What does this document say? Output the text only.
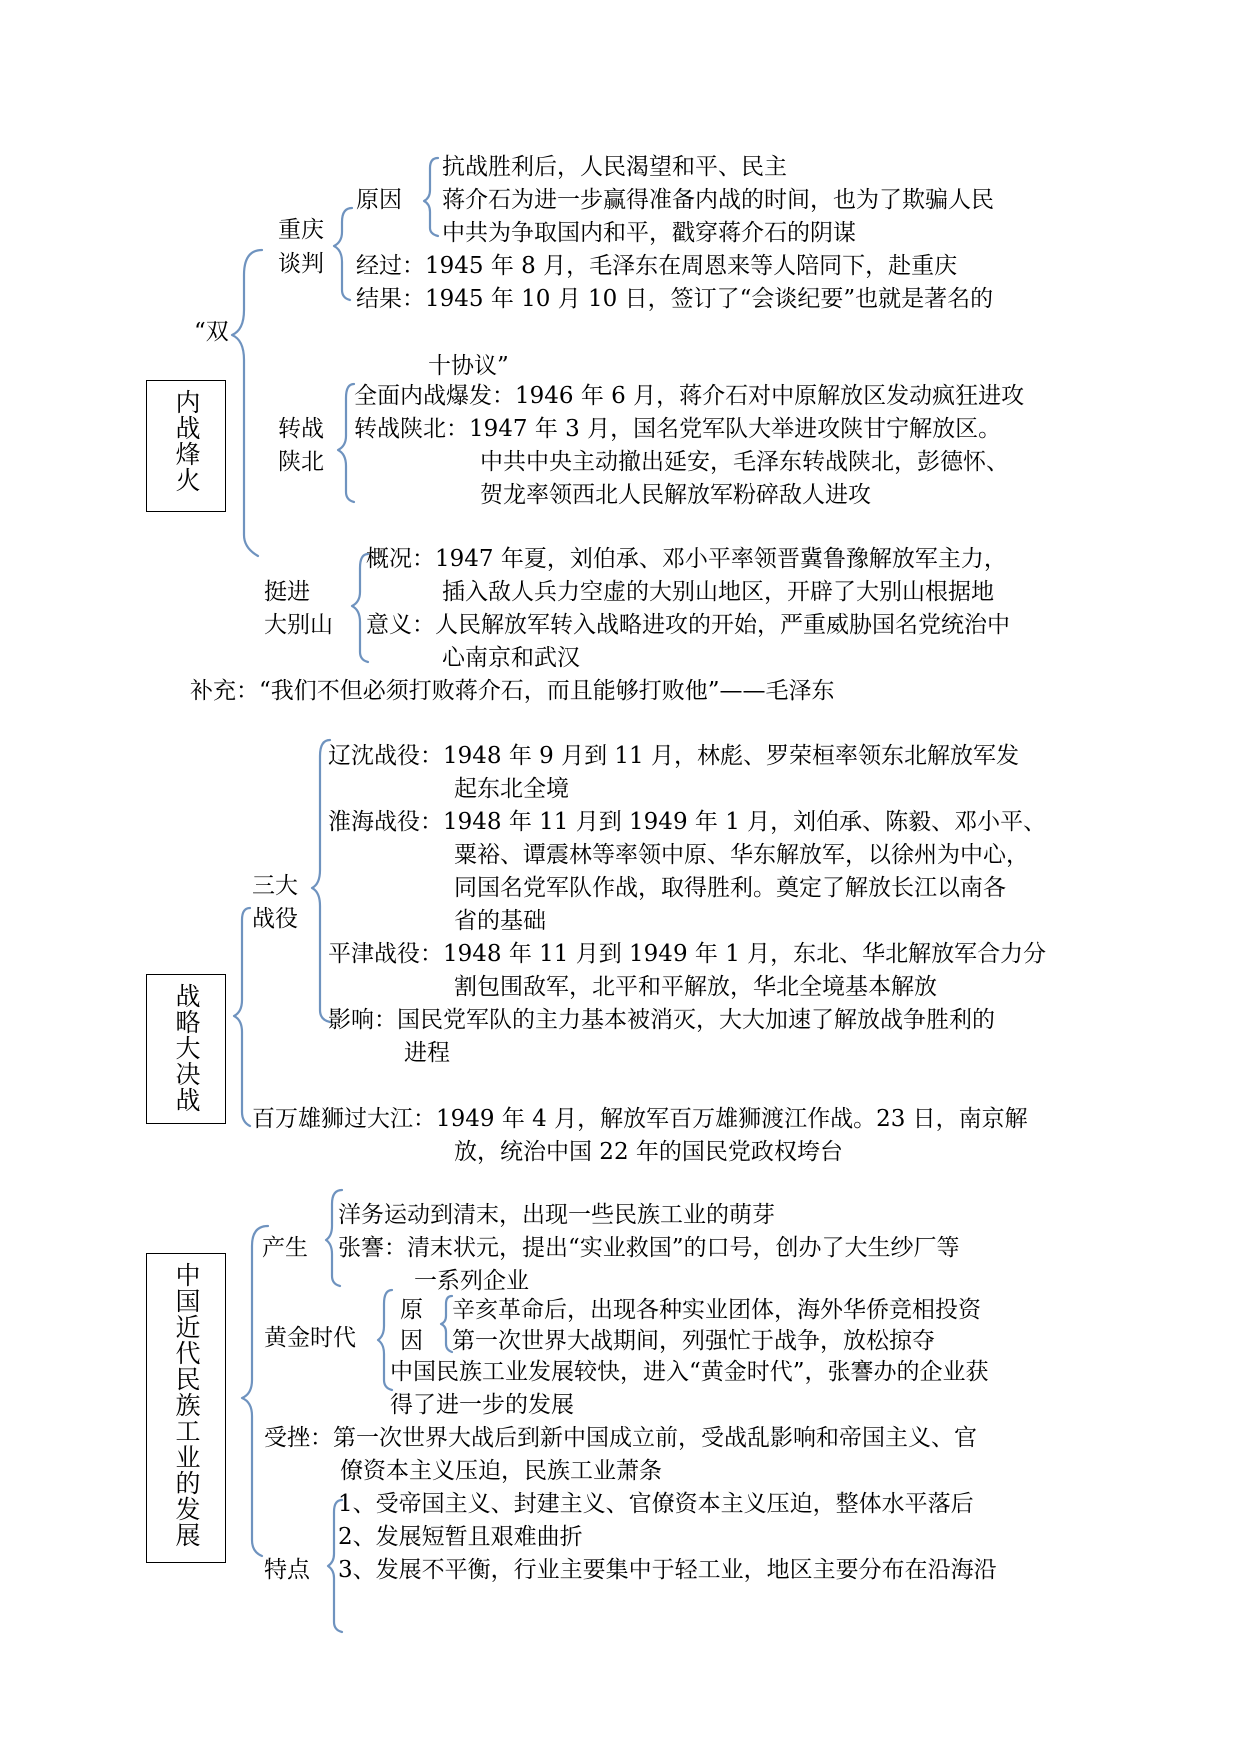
内战烽火
“双
重庆
谈判
原因
抗战胜利后，人民渴望和平、民主
蒋介石为进一步赢得准备内战的时间，也为了欺骗人民
中共为争取国内和平，戳穿蒋介石的阴谋
经过：1945 年 8 月，毛泽东在周恩来等人陪同下，赴重庆
结果：1945 年 10 月 10 日，签订了“会谈纪要”也就是著名的
十协议”
转战
陕北
全面内战爆发：1946 年 6 月，蒋介石对中原解放区发动疯狂进攻
转战陕北：1947 年 3 月，国名党军队大举进攻陕甘宁解放区。
中共中央主动撤出延安，毛泽东转战陕北，彭德怀、
贺龙率领西北人民解放军粉碎敌人进攻
挺进
大别山
概况：1947 年夏，刘伯承、邓小平率领晋冀鲁豫解放军主力，
插入敌人兵力空虚的大别山地区，开辟了大别山根据地
意义：人民解放军转入战略进攻的开始，严重威胁国名党统治中
心南京和武汉
补充：“我们不但必须打败蒋介石，而且能够打败他”——毛泽东
战略大决战
三大
战役
辽沈战役：1948 年 9 月到 11 月，林彪、罗荣桓率领东北解放军发
起东北全境
淮海战役：1948 年 11 月到 1949 年 1 月，刘伯承、陈毅、邓小平、
粟裕、谭震林等率领中原、华东解放军，以徐州为中心，
同国名党军队作战，取得胜利。奠定了解放长江以南各
省的基础
平津战役：1948 年 11 月到 1949 年 1 月，东北、华北解放军合力分
割包围敌军，北平和平解放，华北全境基本解放
影响：国民党军队的主力基本被消灭，大大加速了解放战争胜利的
进程
百万雄狮过大江：1949 年 4 月，解放军百万雄狮渡江作战。23 日，南京解
放，统治中国 22 年的国民党政权垮台
中国近代民族工业的发展
产生
洋务运动到清末，出现一些民族工业的萌芽
张謇：清末状元，提出“实业救国”的口号，创办了大生纱厂等
一系列企业
黄金时代
原
因
辛亥革命后，出现各种实业团体，海外华侨竞相投资
第一次世界大战期间，列强忙于战争，放松掠夺
中国民族工业发展较快，进入“黄金时代”，张謇办的企业获
得了进一步的发展
受挫：第一次世界大战后到新中国成立前，受战乱影响和帝国主义、官
僚资本主义压迫，民族工业萧条
特点
1、受帝国主义、封建主义、官僚资本主义压迫，整体水平落后
2、发展短暂且艰难曲折
3、发展不平衡，行业主要集中于轻工业，地区主要分布在沿海沿
